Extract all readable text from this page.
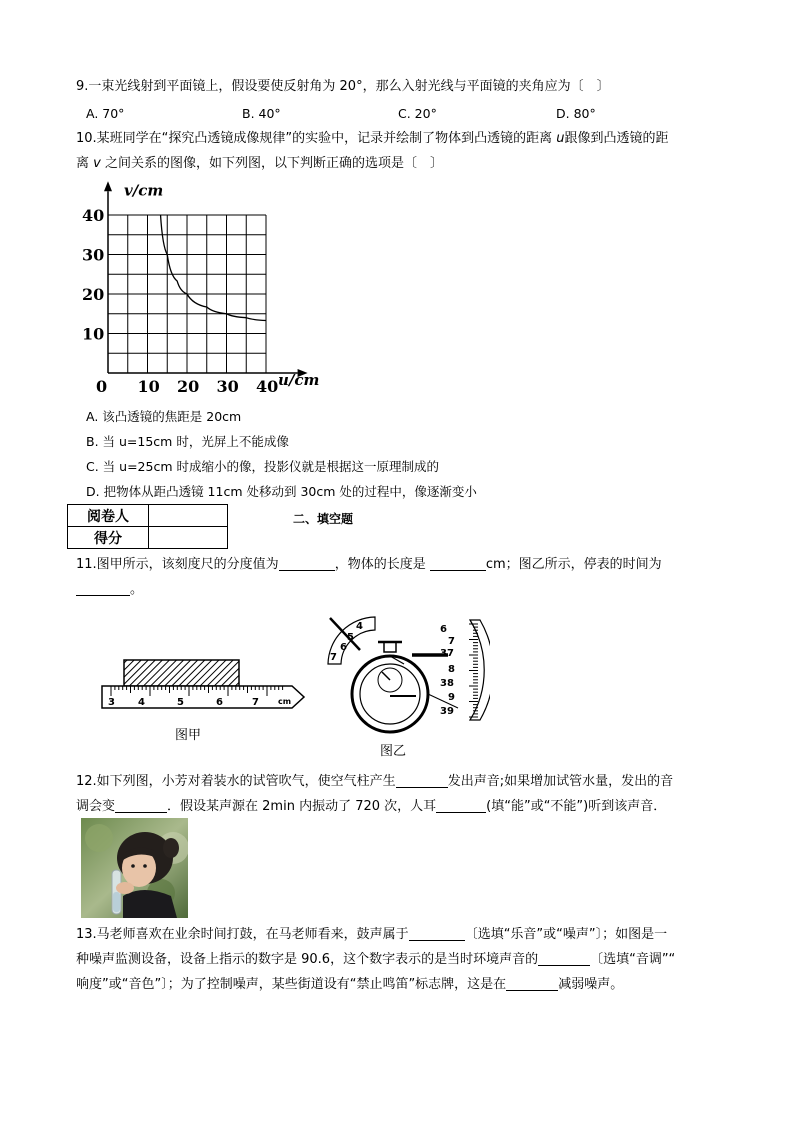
9.一束光线射到平面镜上，假设要使反射角为 20°，那么入射光线与平面镜的夹角应为〔　〕
A. 70°	B. 40°	C. 20°	D. 80°
10.某班同学在“探究凸透镜成像规律”的实验中，记录并绘制了物体到凸透镜的距离 u跟像到凸透镜的距
离 v 之间关系的图像，如下列图，以下判断正确的选项是〔　〕
0 10 20 30 40
10
20
30
40
v/cm
u/cm
A. 该凸透镜的焦距是 20cm
B. 当 u=15cm 时，光屏上不能成像
C. 当 u=25cm 时成缩小的像，投影仪就是根据这一原理制成的
D. 把物体从距凸透镜 11cm 处移动到 30cm 处的过程中，像逐渐变小
阅卷人	
得分	
二、填空题
11.图甲所示，该刻度尺的分度值为	，物体的长度是	cm；图乙所示，停表的时间为
。
3 4	5	6	7 cm
图甲
4
5
6
7
6
37
7
8
38
9
39
图乙
12.如下列图，小芳对着装水的试管吹气，使空气柱产生	发出声音;如果增加试管水量，发出的音
调会变	．假设某声源在 2min 内振动了 720 次，人耳	(填“能”或“不能”)听到该声音．
13.马老师喜欢在业余时间打鼓，在马老师看来，鼓声属于	〔选填“乐音”或“噪声”〕；如图是一
种噪声监测设备，设备上指示的数字是 90.6，这个数字表示的是当时环境声音的	〔选填“音调”“
响度”或“音色”〕；为了控制噪声，某些街道设有“禁止鸣笛”标志牌，这是在	减弱噪声。
